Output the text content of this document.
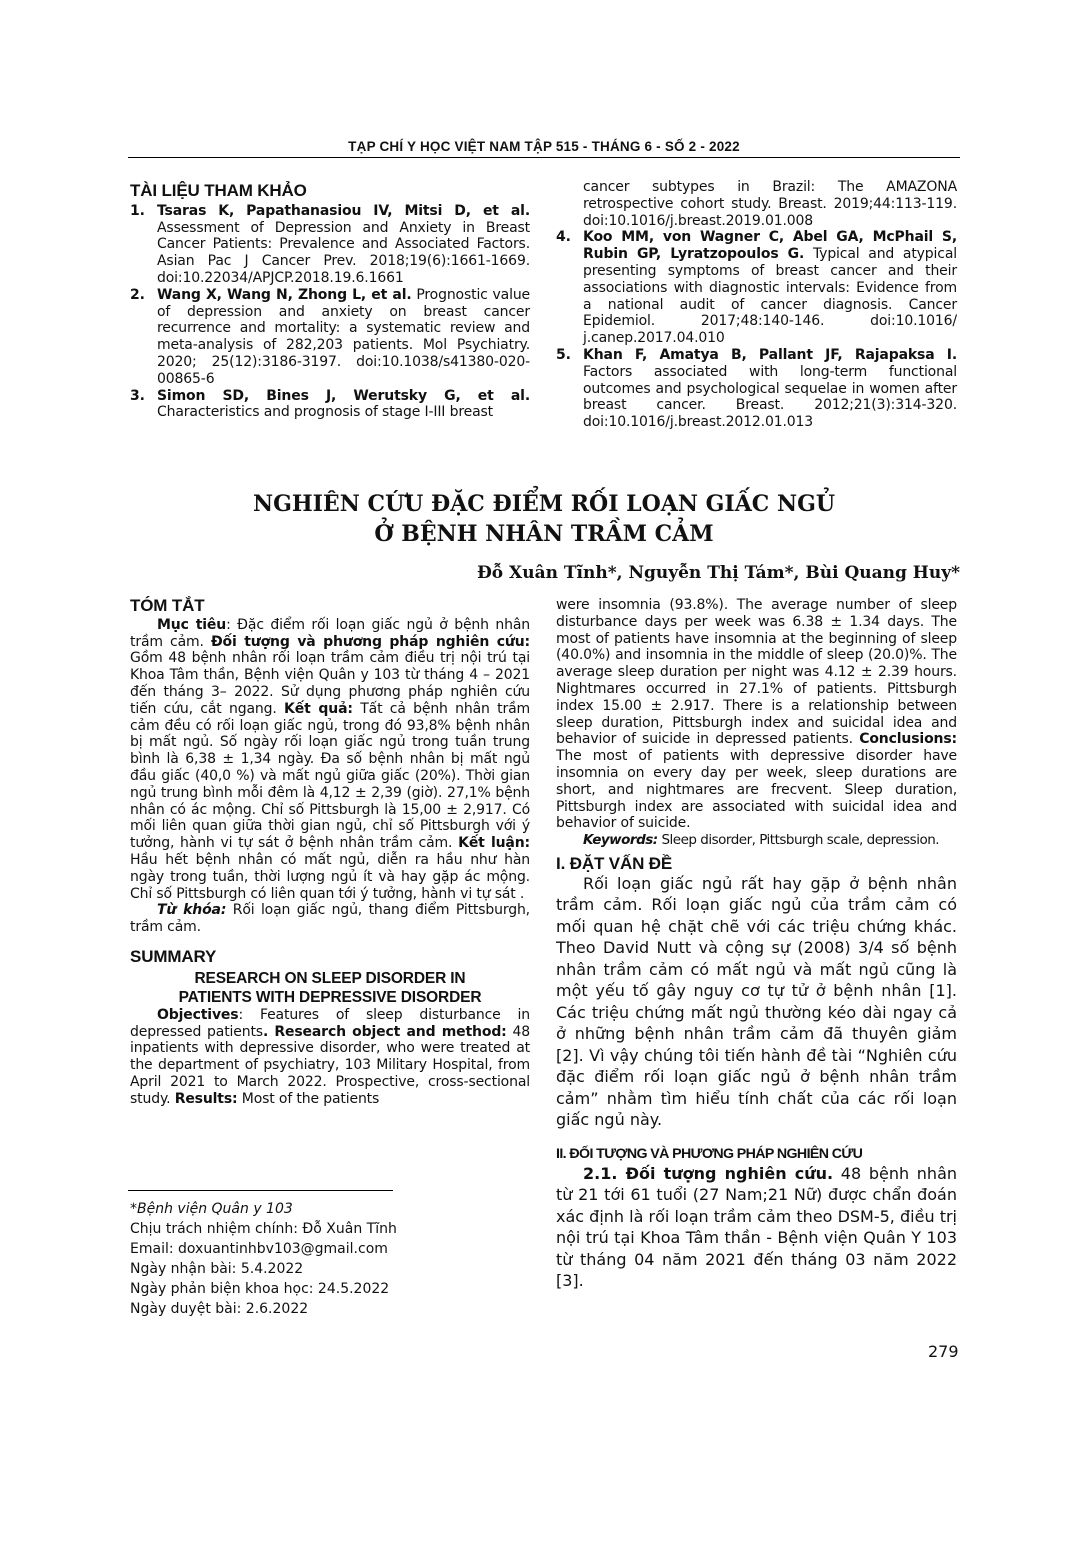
TẠP CHÍ Y HỌC VIỆT NAM TẬP 515 - THÁNG 6 - SỐ 2 - 2022
TÀI LIỆU THAM KHẢO
1. Tsaras K, Papathanasiou IV, Mitsi D, et al. Assessment of Depression and Anxiety in Breast Cancer Patients: Prevalence and Associated Factors. Asian Pac J Cancer Prev. 2018;19(6):1661-1669. doi:10.22034/APJCP.2018.19.6.1661
2. Wang X, Wang N, Zhong L, et al. Prognostic value of depression and anxiety on breast cancer recurrence and mortality: a systematic review and meta-analysis of 282,203 patients. Mol Psychiatry. 2020; 25(12):3186-3197. doi:10.1038/s41380-020-00865-6
3. Simon SD, Bines J, Werutsky G, et al. Characteristics and prognosis of stage I-III breast

cancer subtypes in Brazil: The AMAZONA retrospective cohort study. Breast. 2019;44:113-119. doi:10.1016/j.breast.2019.01.008

4. Koo MM, von Wagner C, Abel GA, McPhail S, Rubin GP, Lyratzopoulos G. Typical and atypical presenting symptoms of breast cancer and their associations with diagnostic intervals: Evidence from a national audit of cancer diagnosis. Cancer Epidemiol. 2017;48:140-146. doi:10.1016/ j.canep.2017.04.010
5. Khan F, Amatya B, Pallant JF, Rajapaksa I. Factors associated with long-term functional outcomes and psychological sequelae in women after breast cancer. Breast. 2012;21(3):314-320. doi:10.1016/j.breast.2012.01.013
NGHIÊN CỨU ĐẶC ĐIỂM RỐI LOẠN GIẤC NGỦ
Ở BỆNH NHÂN TRẦM CẢM
Đỗ Xuân Tĩnh*, Nguyễn Thị Tám*, Bùi Quang Huy*
TÓM TẮT

Mục tiêu: Đặc điểm rối loạn giấc ngủ ở bệnh nhân trầm cảm. Đối tượng và phương pháp nghiên cứu: Gồm 48 bệnh nhân rối loạn trầm cảm điều trị nội trú tại Khoa Tâm thần, Bệnh viện Quân y 103 từ tháng 4 – 2021 đến tháng 3– 2022. Sử dụng phương pháp nghiên cứu tiến cứu, cắt ngang. Kết quả: Tất cả bệnh nhân trầm cảm đều có rối loạn giấc ngủ, trong đó 93,8% bệnh nhân bị mất ngủ. Số ngày rối loạn giấc ngủ trong tuần trung bình là 6,38 ± 1,34 ngày. Đa số bệnh nhân bị mất ngủ đầu giấc (40,0 %) và mất ngủ giữa giấc (20%). Thời gian ngủ trung bình mỗi đêm là 4,12 ± 2,39 (giờ). 27,1% bệnh nhân có ác mộng. Chỉ số Pittsburgh là 15,00 ± 2,917. Có mối liên quan giữa thời gian ngủ, chỉ số Pittsburgh với ý tưởng, hành vi tự sát ở bệnh nhân trầm cảm. Kết luận: Hầu hết bệnh nhân có mất ngủ, diễn ra hầu như hàn ngày trong tuần, thời lượng ngủ ít và hay gặp ác mộng. Chỉ số Pittsburgh có liên quan tới ý tưởng, hành vi tự sát .

Từ khóa: Rối loạn giấc ngủ, thang điểm Pittsburgh, trầm cảm.

SUMMARY
RESEARCH ON SLEEP DISORDER IN
PATIENTS WITH DEPRESSIVE DISORDER

Objectives: Features of sleep disturbance in depressed patients. Research object and method: 48 inpatients with depressive disorder, who were treated at the department of psychiatry, 103 Military Hospital, from April 2021 to March 2022. Prospective, cross-sectional study. Results: Most of the patients

*Bệnh viện Quân y 103
Chịu trách nhiệm chính: Đỗ Xuân Tĩnh
Email: doxuantinhbv103@gmail.com
Ngày nhận bài: 5.4.2022
Ngày phản biện khoa học: 24.5.2022
Ngày duyệt bài: 2.6.2022

were insomnia (93.8%). The average number of sleep disturbance days per week was 6.38 ± 1.34 days. The most of patients have insomnia at the beginning of sleep (40.0%) and insomnia in the middle of sleep (20.0)%. The average sleep duration per night was 4.12 ± 2.39 hours. Nightmares occurred in 27.1% of patients. Pittsburgh index 15.00 ± 2.917. There is a relationship between sleep duration, Pittsburgh index and suicidal idea and behavior of suicide in depressed patients. Conclusions: The most of patients with depressive disorder have insomnia on every day per week, sleep durations are short, and nightmares are frecvent. Sleep duration, Pittsburgh index are associated with suicidal idea and behavior of suicide.

Keywords: Sleep disorder, Pittsburgh scale, depression.

I. ĐẶT VẤN ĐỀ

Rối loạn giấc ngủ rất hay gặp ở bệnh nhân trầm cảm. Rối loạn giấc ngủ của trầm cảm có mối quan hệ chặt chẽ với các triệu chứng khác. Theo David Nutt và cộng sự (2008) 3/4 số bệnh nhân trầm cảm có mất ngủ và mất ngủ cũng là một yếu tố gây nguy cơ tự tử ở bệnh nhân [1]. Các triệu chứng mất ngủ thường kéo dài ngay cả ở những bệnh nhân trầm cảm đã thuyên giảm [2]. Vì vậy chúng tôi tiến hành đề tài “Nghiên cứu đặc điểm rối loạn giấc ngủ ở bệnh nhân trầm cảm” nhằm tìm hiểu tính chất của các rối loạn giấc ngủ này.

II. ĐỐI TƯỢNG VÀ PHƯƠNG PHÁP NGHIÊN CỨU

2.1. Đối tượng nghiên cứu. 48 bệnh nhân từ 21 tới 61 tuổi (27 Nam;21 Nữ) được chẩn đoán xác định là rối loạn trầm cảm theo DSM-5, điều trị nội trú tại Khoa Tâm thần - Bệnh viện Quân Y 103 từ tháng 04 năm 2021 đến tháng 03 năm 2022 [3].

279
